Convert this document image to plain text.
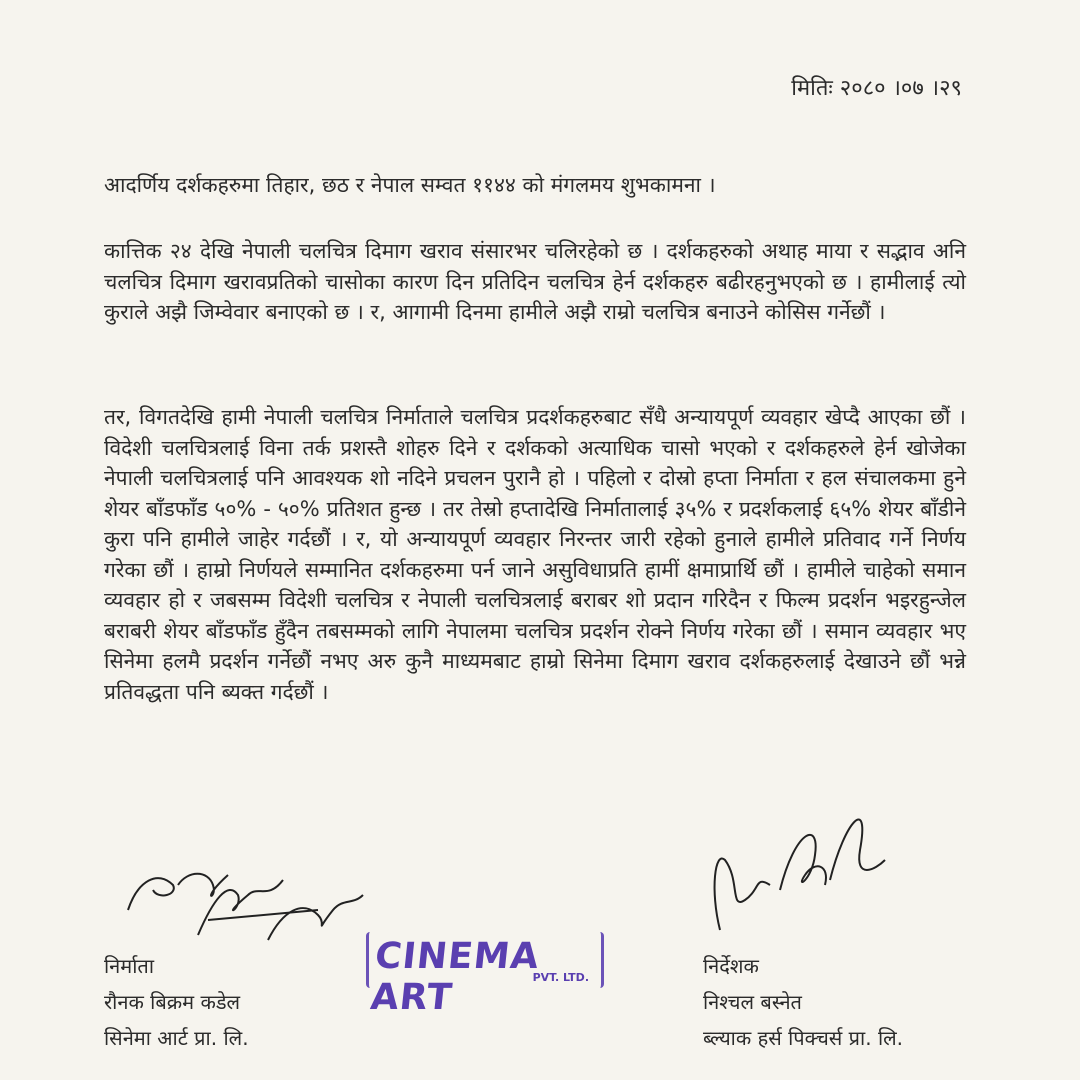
मितिः २०८० ।०७ ।२९
आदर्णिय दर्शकहरुमा तिहार, छठ र नेपाल सम्वत ११४४ को मंगलमय शुभकामना ।
कात्तिक २४ देखि नेपाली चलचित्र दिमाग खराव संसारभर चलिरहेको छ । दर्शकहरुको अथाह माया र सद्भाव अनि चलचित्र दिमाग खरावप्रतिको चासोका कारण दिन प्रतिदिन चलचित्र हेर्न दर्शकहरु बढीरहनुभएको छ । हामीलाई त्यो कुराले अझै जिम्वेवार बनाएको छ । र, आगामी दिनमा हामीले अझै राम्रो चलचित्र बनाउने कोसिस गर्नेछौं ।
तर, विगतदेखि हामी नेपाली चलचित्र निर्माताले चलचित्र प्रदर्शकहरुबाट सँधै अन्यायपूर्ण व्यवहार खेप्दै आएका छौं । विदेशी चलचित्रलाई विना तर्क प्रशस्तै शोहरु दिने र दर्शकको अत्याधिक चासो भएको र दर्शकहरुले हेर्न खोजेका नेपाली चलचित्रलाई पनि आवश्यक शो नदिने प्रचलन पुरानै हो । पहिलो र दोस्रो हप्ता निर्माता र हल संचालकमा हुने शेयर बाँडफाँड ५०% - ५०% प्रतिशत हुन्छ । तर तेस्रो हप्तादेखि निर्मातालाई ३५% र प्रदर्शकलाई ६५% शेयर बाँडीने कुरा पनि हामीले जाहेर गर्दछौं । र, यो अन्यायपूर्ण व्यवहार निरन्तर जारी रहेको हुनाले हामीले प्रतिवाद गर्ने निर्णय गरेका छौं । हाम्रो निर्णयले सम्मानित दर्शकहरुमा पर्न जाने असुविधाप्रति हामीं क्षमाप्रार्थि छौं । हामीले चाहेको समान व्यवहार हो र जबसम्म विदेशी चलचित्र र नेपाली चलचित्रलाई बराबर शो प्रदान गरिदैन र फिल्म प्रदर्शन भइरहुन्जेल बराबरी शेयर बाँडफाँड हुँदैन तबसम्मको लागि नेपालमा चलचित्र प्रदर्शन रोक्ने निर्णय गरेका छौं । समान व्यवहार भए सिनेमा हलमै प्रदर्शन गर्नेछौं नभए अरु कुनै माध्यमबाट हाम्रो सिनेमा दिमाग खराव दर्शकहरुलाई देखाउने छौं भन्ने प्रतिवद्धता पनि ब्यक्त गर्दछौं ।
CINEMA ART	PVT. LTD.
निर्माता
रौनक बिक्रम कडेल
सिनेमा आर्ट प्रा. लि.
निर्देशक
निश्चल बस्नेत
ब्ल्याक हर्स पिक्चर्स प्रा. लि.
